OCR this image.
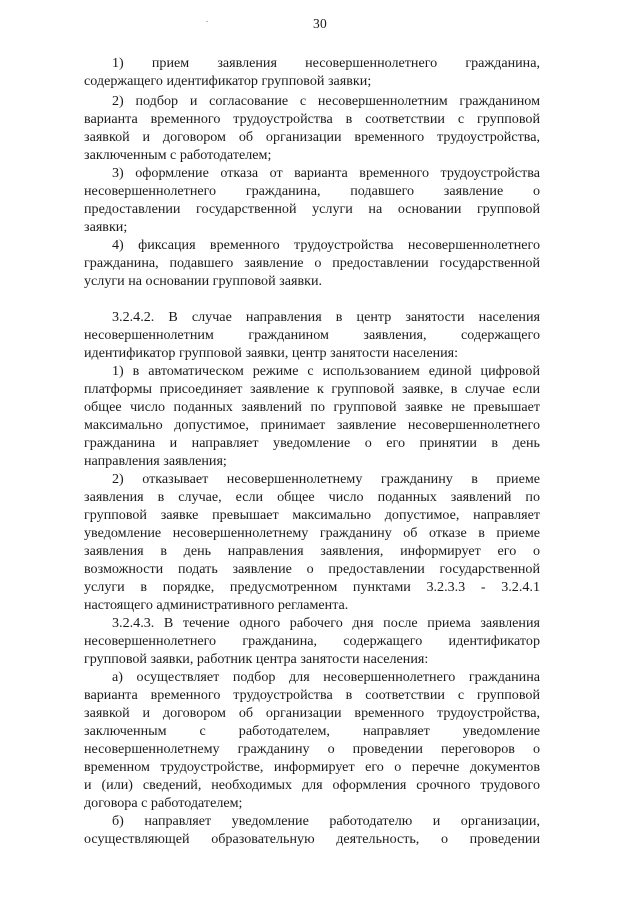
30
1) прием заявления несовершеннолетнего гражданина,
содержащего идентификатор групповой заявки;
2) подбор и согласование с несовершеннолетним гражданином
варианта временного трудоустройства в соответствии с групповой
заявкой и договором об организации временного трудоустройства,
заключенным с работодателем;
3) оформление отказа от варианта временного трудоустройства
несовершеннолетнего гражданина, подавшего заявление о
предоставлении государственной услуги на основании групповой
заявки;
4) фиксация временного трудоустройства несовершеннолетнего
гражданина, подавшего заявление о предоставлении государственной
услуги на основании групповой заявки.
3.2.4.2. В случае направления в центр занятости населения
несовершеннолетним гражданином заявления, содержащего
идентификатор групповой заявки, центр занятости населения:
1) в автоматическом режиме с использованием единой цифровой
платформы присоединяет заявление к групповой заявке, в случае если
общее число поданных заявлений по групповой заявке не превышает
максимально допустимое, принимает заявление несовершеннолетнего
гражданина и направляет уведомление о его принятии в день
направления заявления;
2) отказывает несовершеннолетнему гражданину в приеме
заявления в случае, если общее число поданных заявлений по
групповой заявке превышает максимально допустимое, направляет
уведомление несовершеннолетнему гражданину об отказе в приеме
заявления в день направления заявления, информирует его о
возможности подать заявление о предоставлении государственной
услуги в порядке, предусмотренном пунктами 3.2.3.3 - 3.2.4.1
настоящего административного регламента.
3.2.4.3. В течение одного рабочего дня после приема заявления
несовершеннолетнего гражданина, содержащего идентификатор
групповой заявки, работник центра занятости населения:
а) осуществляет подбор для несовершеннолетнего гражданина
варианта временного трудоустройства в соответствии с групповой
заявкой и договором об организации временного трудоустройства,
заключенным с работодателем, направляет уведомление
несовершеннолетнему гражданину о проведении переговоров о
временном трудоустройстве, информирует его о перечне документов
и (или) сведений, необходимых для оформления срочного трудового
договора с работодателем;
б) направляет уведомление работодателю и организации,
осуществляющей образовательную деятельность, о проведении
